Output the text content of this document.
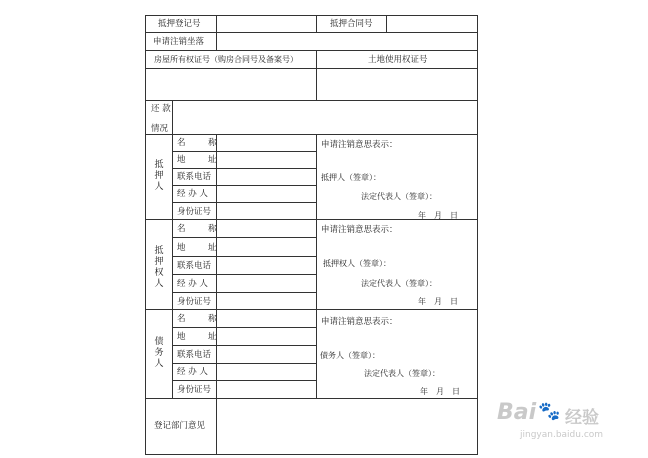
抵押登记号	抵押合同号
申请注销坐落
房屋所有权证号（购房合同号及备案号）	土地使用权证号
还 款
情况
抵押人
名　称
地　址
联系电话
经 办 人
身份证号
申请注销意思表示：
抵押人（签章）：
法定代表人（签章）：
年　月　日
抵押权人
名　称
地　址
联系电话
经 办 人
身份证号
申请注销意思表示：
抵押权人（签章）：
法定代表人（签章）：
年　月　日
债务人
名　称
地　址
联系电话
经 办 人
身份证号
申请注销意思表示：
债务人（签章）：
法定代表人（签章）：
年　月　日
登记部门意见
Bai 🐾 经验
jingyan.baidu.com
